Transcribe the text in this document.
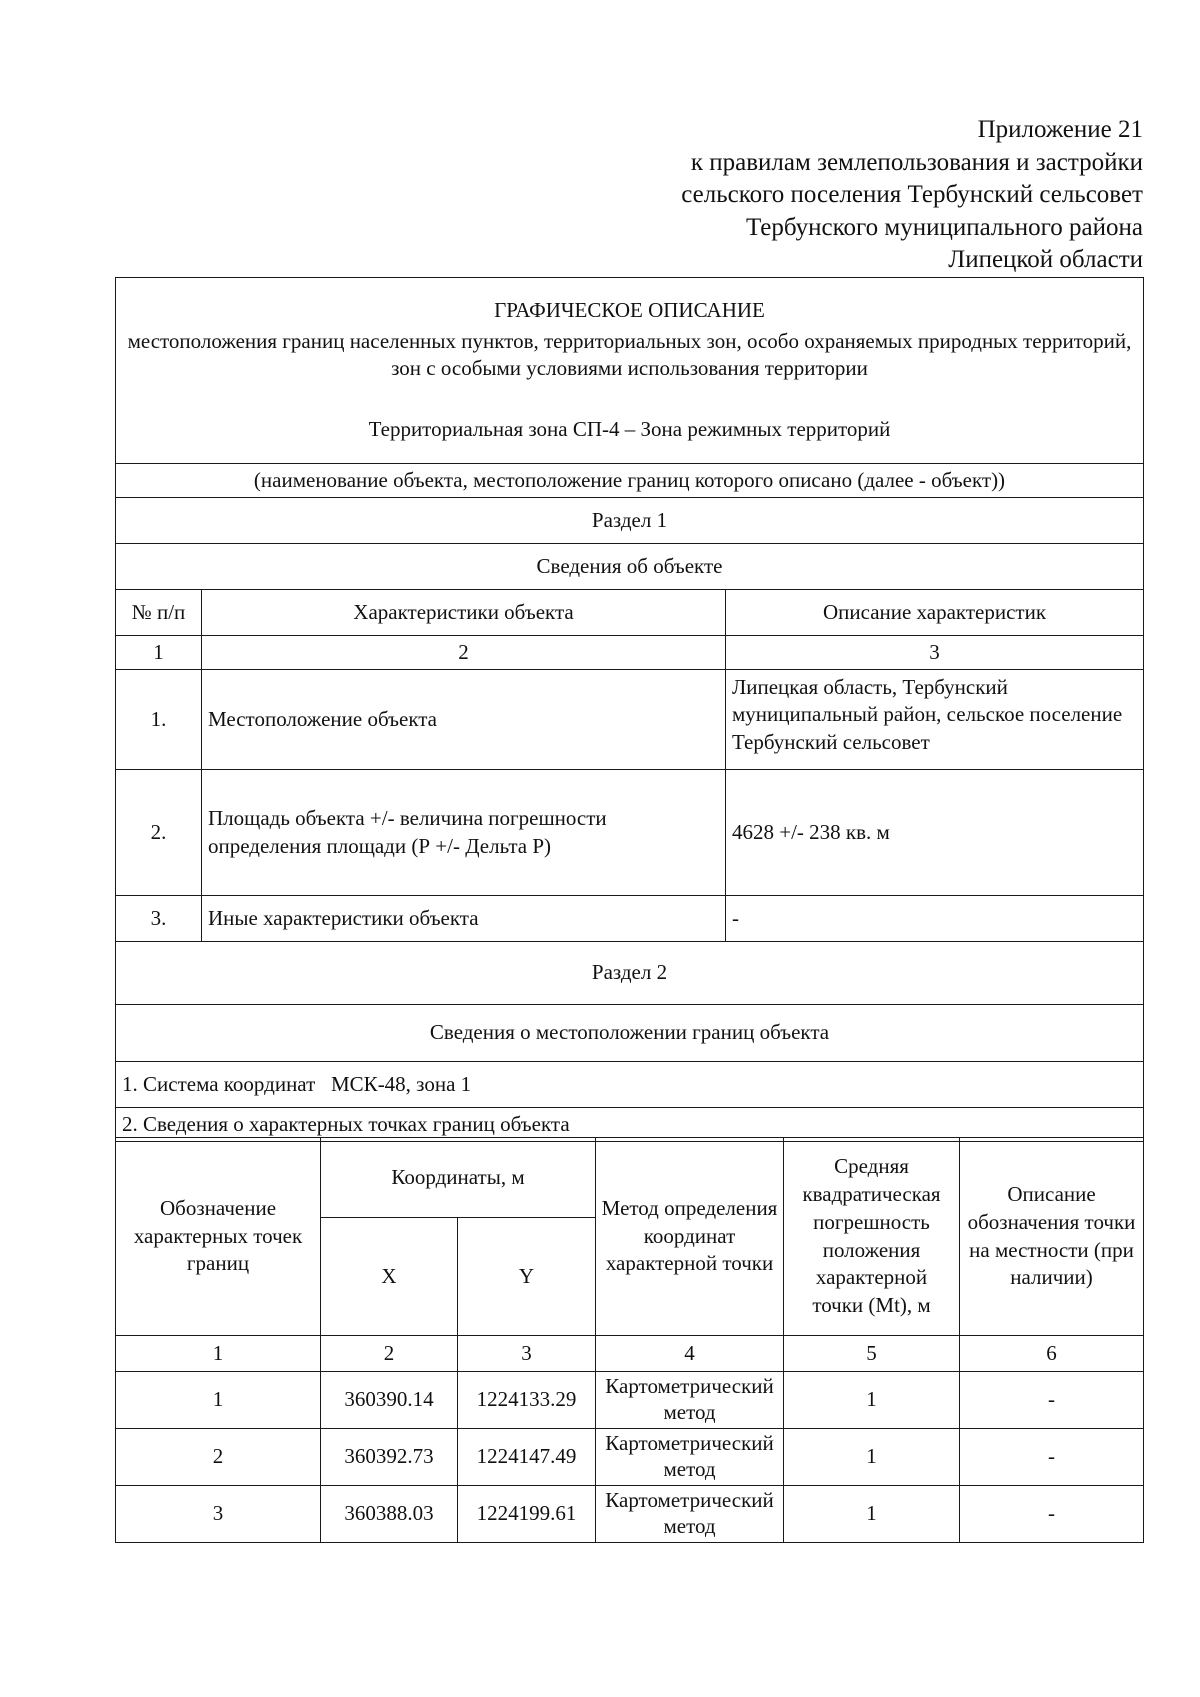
Приложение 21
к правилам землепользования и застройки
сельского поселения Тербунский сельсовет
Тербунского муниципального района
Липецкой области
ГРАФИЧЕСКОЕ ОПИСАНИЕ
местоположения границ населенных пунктов, территориальных зон, особо охраняемых природных территорий, зон с особыми условиями использования территории
Территориальная зона СП-4 – Зона режимных территорий		

(наименование объекта, местоположение границ которого описано (далее - объект))		
Раздел 1		
Сведения об объекте		
№ п/п	Характеристики объекта	Описание характеристик
1	2	3
1.	Местоположение объекта	Липецкая область, Тербунский муниципальный район, сельское поселение Тербунский сельсовет
2.	Площадь объекта +/- величина погрешности определения площади (Р +/- Дельта Р)	4628 +/- 238 кв. м
3.	Иные характеристики объекта	-
Раздел 2		
Сведения о местоположении границ объекта		
1. Система координат   МСК-48, зона 1		
2. Сведения о характерных точках границ объекта		
Обозначение характерных точек границ	Координаты, м		Метод определения координат характерной точки	Средняя квадратическая погрешность положения характерной точки (Mt), м	Описание обозначения точки на местности (при наличии)
	X	Y			
1	2	3	4	5	6
1	360390.14	1224133.29	Картометрический метод	1	-
2	360392.73	1224147.49	Картометрический метод	1	-
3	360388.03	1224199.61	Картометрический метод	1	-
